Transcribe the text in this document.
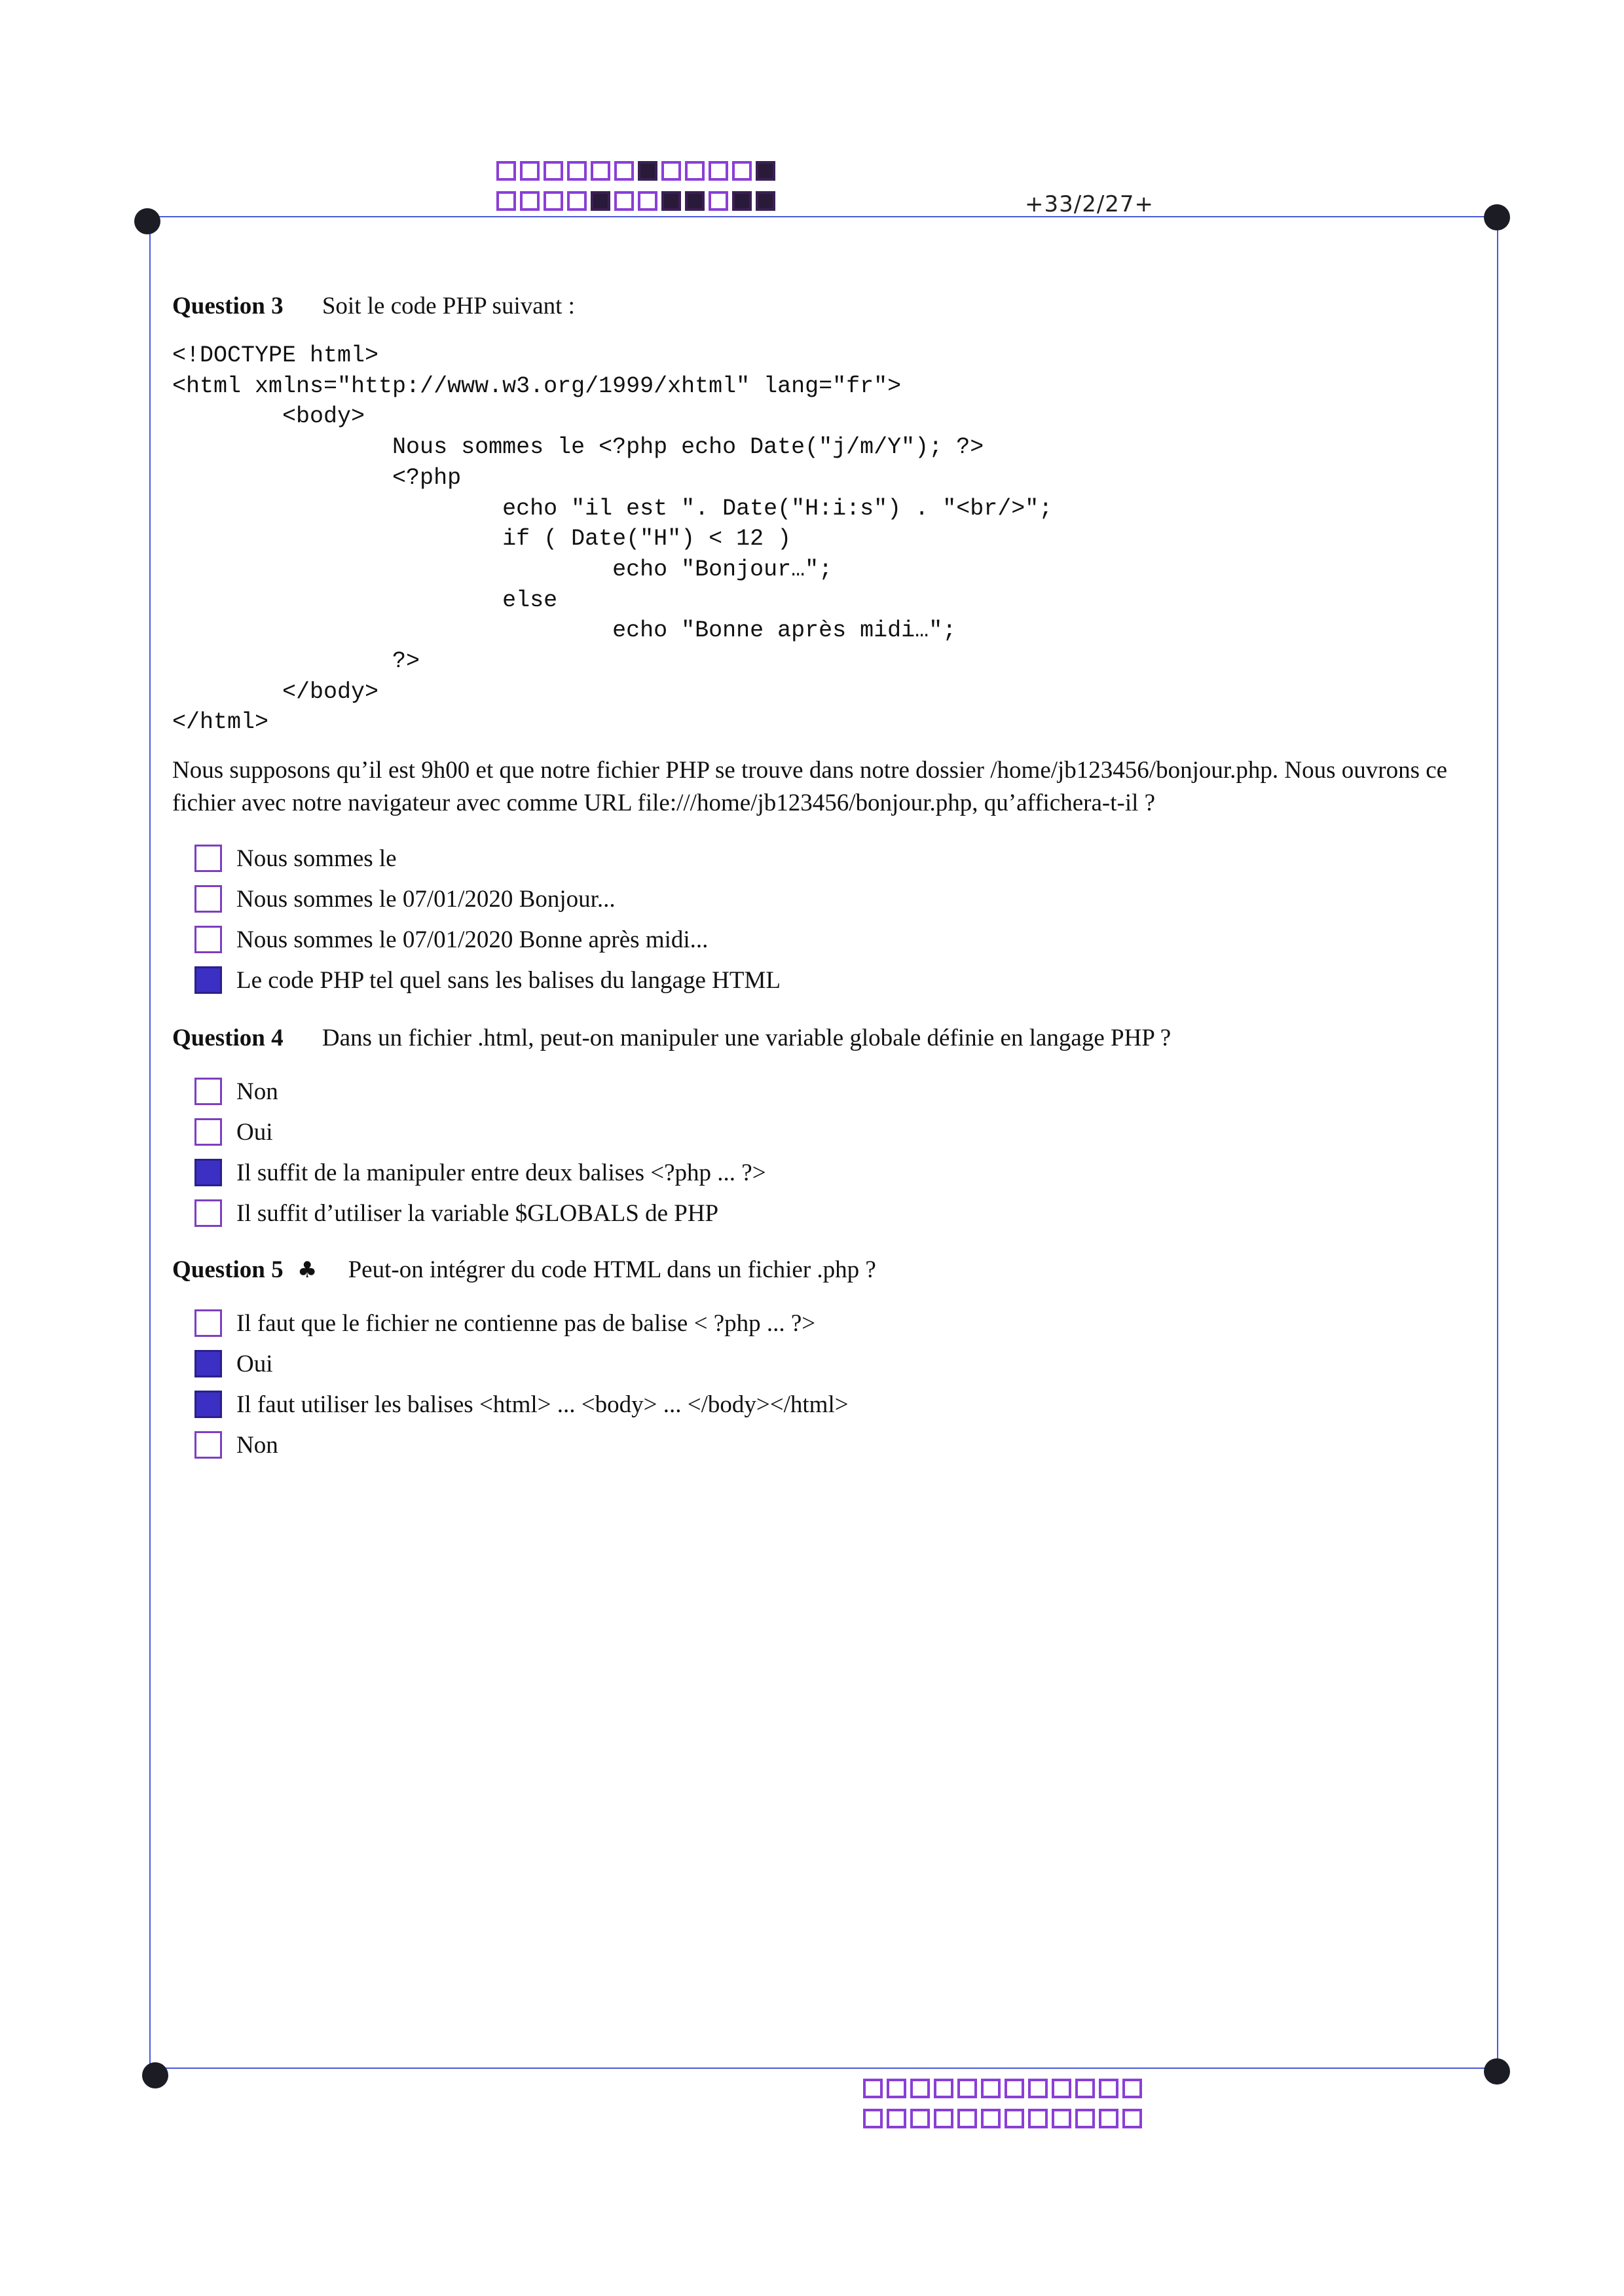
+33/2/27+
Question 3 Soit le code PHP suivant :
<!DOCTYPE html>
<html xmlns="http://www.w3.org/1999/xhtml" lang="fr">
<body>
Nous sommes le <?php echo Date("j/m/Y"); ?>
<?php
echo "il est ". Date("H:i:s") . "<br/>";
if ( Date("H") < 12 )
echo "Bonjour…";
else
echo "Bonne après midi…";
?>
</body>
</html>
Nous supposons qu’il est 9h00 et que notre fichier PHP se trouve dans notre dossier /home/jb123456/bonjour.php. Nous ouvrons ce fichier avec notre navigateur avec comme URL file:///home/jb123456/bonjour.php, qu’affichera-t-il ?
Nous sommes le
Nous sommes le 07/01/2020 Bonjour...
Nous sommes le 07/01/2020 Bonne après midi...
Le code PHP tel quel sans les balises du langage HTML
Question 4 Dans un fichier .html, peut-on manipuler une variable globale définie en langage PHP ?
Non
Oui
Il suffit de la manipuler entre deux balises <?php ... ?>
Il suffit d’utiliser la variable $GLOBALS de PHP
Question 5 ♣ Peut-on intégrer du code HTML dans un fichier .php ?
Il faut que le fichier ne contienne pas de balise < ?php ... ?>
Oui
Il faut utiliser les balises <html> ... <body> ... </body></html>
Non
